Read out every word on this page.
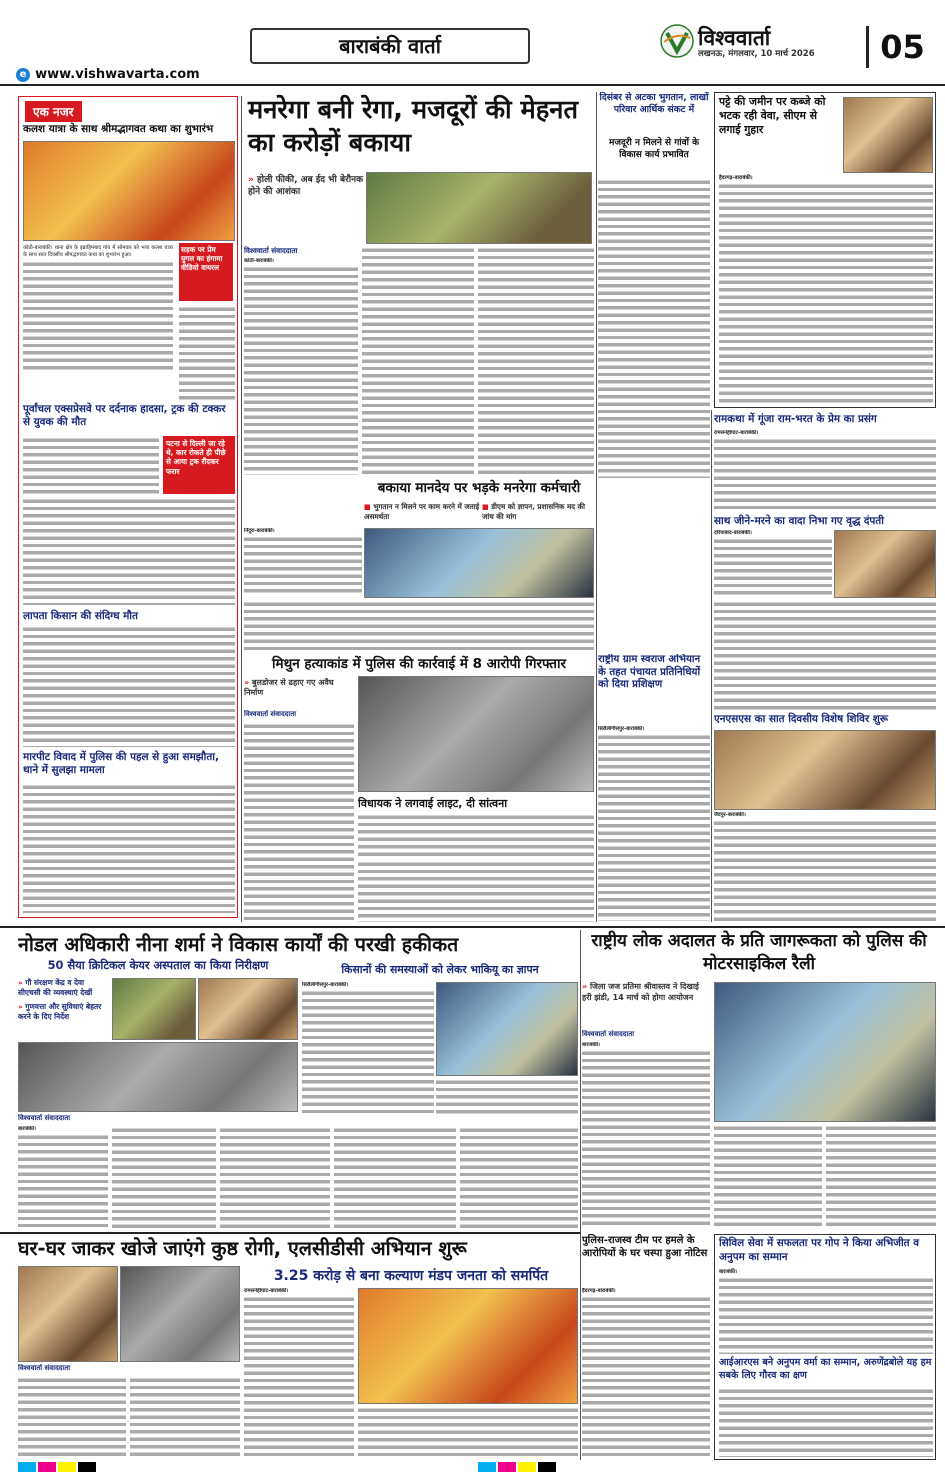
बाराबंकी वार्ता
e www.vishwavarta.com
विश्ववार्ता
लखनऊ, मंगलवार, 10 मार्च 2026	05
एक नजर
कलश यात्रा के साथ श्रीमद्भागवत कथा का शुभारंभ
कोठी-बाराबंकी। थाना क्षेत्र के इब्राहिमबाद गांव में सोमवार को भव्य कलश यात्रा के साथ सात दिवसीय श्रीमद्भागवत कथा का शुभारंभ हुआ।
सड़क पर प्रेम युगल का हंगामा वीडियो वायरल
पूर्वांचल एक्सप्रेसवे पर दर्दनाक हादसा, ट्रक की टक्कर से युवक की मौत
पटना से दिल्ली जा रहे थे, कार रोकते ही पीछे से आया ट्रक रौंदकर फरार
लापता किसान की संदिग्ध मौत
मारपीट विवाद में पुलिस की पहल से हुआ समझौता, थाने में सुलझा मामला
मनरेगा बनी रेगा, मजदूरों की मेहनत का करोड़ों बकाया
» होली फीकी, अब ईद भी बेरौनक होने की आशंका
विश्ववार्ता संवाददाता
कोठी-बाराबंकी।
दिसंबर से अटका भुगतान, लाखों परिवार आर्थिक संकट में
मजदूरी न मिलने से गांवों के विकास कार्य प्रभावित
बकाया मानदेय पर भड़के मनरेगा कर्मचारी
■ भुगतान न मिलने पर काम करने में जताई असमर्थता
■ डीएम को ज्ञापन, प्रशासनिक मद की जांच की मांग
निंदूरा-बाराबंकी।
मिथुन हत्याकांड में पुलिस की कार्रवाई में 8 आरोपी गिरफ्तार
» बुलडोजर से ढहाए गए अवैध निर्माण
विश्ववार्ता संवाददाता
विधायक ने लगवाई लाइट, दी सांत्वना
राष्ट्रीय ग्राम स्वराज अभियान के तहत पंचायत प्रतिनिधियों को दिया प्रशिक्षण
सिरौलीगौसपुर-बाराबंकी।
पट्टे की जमीन पर कब्जे को भटक रही वेवा, सीएम से लगाई गुहार
हैदरगढ़-बाराबंकी।
रामकथा में गूंजा राम-भरत के प्रेम का प्रसंग
रामसनेहीघाट-बाराबंकी।
साथ जीने-मरने का वादा निभा गए वृद्ध दंपती
दरियाबाद-बाराबंकी।
एनएसएस का सात दिवसीय विशेष शिविर शुरू
जैदपुर-बाराबंकी।
नोडल अधिकारी नीना शर्मा ने विकास कार्यों की परखी हकीकत
50 सैया क्रिटिकल केयर अस्पताल का किया निरीक्षण
» गौ संरक्षण केंद्र व देवा सीएचसी की व्यवस्थाएं देखीं
» गुणवत्ता और सुविधाएं बेहतर करने के दिए निर्देश
विश्ववार्ता संवाददाता
बाराबंकी।
किसानों की समस्याओं को लेकर भाकियू का ज्ञापन
सिरौलीगौसपुर-बाराबंकी।
राष्ट्रीय लोक अदालत के प्रति जागरूकता को पुलिस की मोटरसाइकिल रैली
» जिला जज प्रतिमा श्रीवास्तव ने दिखाई हरी झंडी, 14 मार्च को होगा आयोजन
विश्ववार्ता संवाददाता
बाराबंकी।
घर-घर जाकर खोजे जाएंगे कुष्ठ रोगी, एलसीडीसी अभियान शुरू
विश्ववार्ता संवाददाता
3.25 करोड़ से बना कल्याण मंडप जनता को समर्पित
रामसनेहीघाट-बाराबंकी।
पुलिस-राजस्व टीम पर हमले के आरोपियों के घर चस्पा हुआ नोटिस
हैदरगढ़-बाराबंकी।
सिविल सेवा में सफलता पर गोप ने किया अभिजीत व अनुपम का सम्मान
बाराबंकी।
आईआरएस बने अनुपम वर्मा का सम्मान, अरुणेंद्रबोले यह हम सबके लिए गौरव का क्षण
